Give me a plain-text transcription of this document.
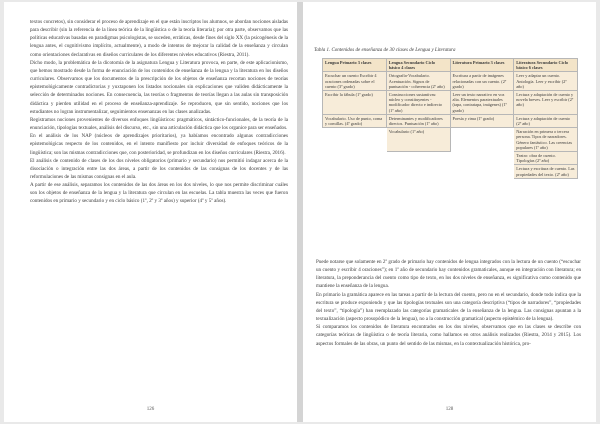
textos concretos), sin considerar el proceso de aprendizaje en el que están inscriptos los alumnos, se abordan nociones aisladas para describir (sin la referencia de la línea teórica de la lingüística o de la teoría literaria); por otra parte, observamos que las políticas educativas basadas en paradigmas psicologistas, se suceden, erráticas, desde fines del siglo XX (la psicogénesis de la lengua antes, el cognitivismo implícito, actualmente), a modo de intentos de mejorar la calidad de la enseñanza y circulan como orientaciones declarativas en diseños curriculares de los diferentes niveles educativos (Riestra, 2011).

Dicho modo, la problemática de la dicotomía de la asignatura Lengua y Literatura provoca, en parte, de este aplicacionismo, que hemos mostrado desde la forma de enunciación de los contenidos de enseñanza de la lengua y la literatura en los diseños curriculares. Observamos que los documentos de la prescripción de los objetos de enseñanza recortan nociones de teorías epistemológicamente contradictorias y yuxtaponen los listados nocionales sin explicaciones que validen didácticamente la selección de determinados nociones. En consecuencia, las teorías o fragmentos de teorías llegan a las aulas sin transposición didáctica y pierden utilidad en el proceso de enseñanza-aprendizaje. Se reproducen, que sin sentido, nociones que los estudiantes no logran instrumentalizar, seguimientos ensenanzas en las clases analizadas.

Registramos nociones provenientes de diversos enfoques lingüísticos: pragmáticos, sintáctico-funcionales, de la teoría de la enunciación, tipologías textuales, análisis del discurso, etc., sin una articulación didáctica que los organice para ser enseñados.

En el análisis de los NAP (núcleos de aprendizajes prioritarios), ya habíamos encontrado algunas contradicciones epistemológicas respecto de los contenidos, en el intento manifiesto por incluir diversidad de enfoques teóricos de la lingüística; son las mismas contradicciones que, con posterioridad, se profundizan en los diseños curriculares (Riestra, 2016).

El análisis de contenido de clases de los dos niveles obligatorios (primario y secundario) nos permitió indagar acerca de la disociación o integración entre las dos áreas, a partir de los contenidos de las consignas de los docentes y de las reformulaciones de las mismas consignas en el aula.

A partir de ese análisis, separamos los contenidos de las dos áreas en los dos niveles, lo que nos permite discriminar cuáles son los objetos de enseñanza de la lengua y la literatura que circulan en las escuelas. La tabla muestra las veces que fueron contenidos en primario y secundario y en ciclo básico (1º, 2º y 3º años) y superior (4º y 5º años).

126
Tabla 1. Contenidos de enseñanza de 30 clases de Lengua y Literatura
Lengua Primario 3 clases	Lengua Secundario Ciclo básico 4 clases	Literatura Primario 3 clases	Literatura Secundario Ciclo básico 6 clases
Escuchar un cuento Escribir 4 oraciones ordenadas sobre el cuento (3º grado)	Ortografía-Vocabulario. Acentuación. Signos de puntuación - coherencia (2º año)	Escritura a partir de imágenes relacionadas con un cuento. (2º grado)	Leer y adaptar un cuento. Antología. Leer y escribir (2º año)
Escribir la fábula (1º grado)	Construcciones sustantivas: núcleo y constituyentes - modificador directo e indirecto (1º año)	Leer un texto narrativo en voz alta. Elementos paratextuales (tapa, contratapa, imágenes) (1º grado)	Lectura y adaptación de cuento y novela breves. Leer y escribir (2º año)
Vocabulario. Uso de punto, coma y comillas. (4º grado)	Determinantes y modificadores directos. Puntuación (1º año)	Poesía y rima (1º grado)	Lectura y adaptación de cuento (2º año)
	Vocabulario (1º año)		Narración en primera o tercera persona. Tipos de narradores. Género fantástico. Las creencias populares (1º año)
			Teatro: obra de cuento. Tipologías (2º año)
			Lectura y escritura de cuento. Las propiedades del texto. (2º año)

Puede notarse que solamente en 2º grado de primario hay contenidos de lengua integrados con la lectura de un cuento (“escuchar un cuento y escribir 4 oraciones”); en 1º año de secundario hay contenidos gramaticales, aunque en integración con literatura; en literatura, la preponderancia del cuento como tipo de texto, en los dos niveles de enseñanza, es significativa como contenido que mantiene la enseñanza de la lengua.

En primario la gramática aparece en las tareas a partir de la lectura del cuento, pero no en el secundario, donde todo indica que la escritura se produce exponiendo y que las tipologías textuales son una categoría descriptiva (“tipos de narradores”, “propiedades del texto”, “tipología”) han reemplazado las categorías gramaticales de la enseñanza de la lengua. Las consignas apuntan a la textualización (aspecto prosopódico de la lengua), no a la construcción gramatical (aspecto epistémico de la lengua).

Si comparamos los contenidos de literatura encontrados en los dos niveles, observamos que en las clases se describe con categorías teóricas de lingüística o de teoría literaria, como hallamos en otros análisis realizados (Riestra, 2014 y 2015). Los aspectos formales de las obras, un punto del sentido de las mismas, en la contextualización histórica, pro-

128
